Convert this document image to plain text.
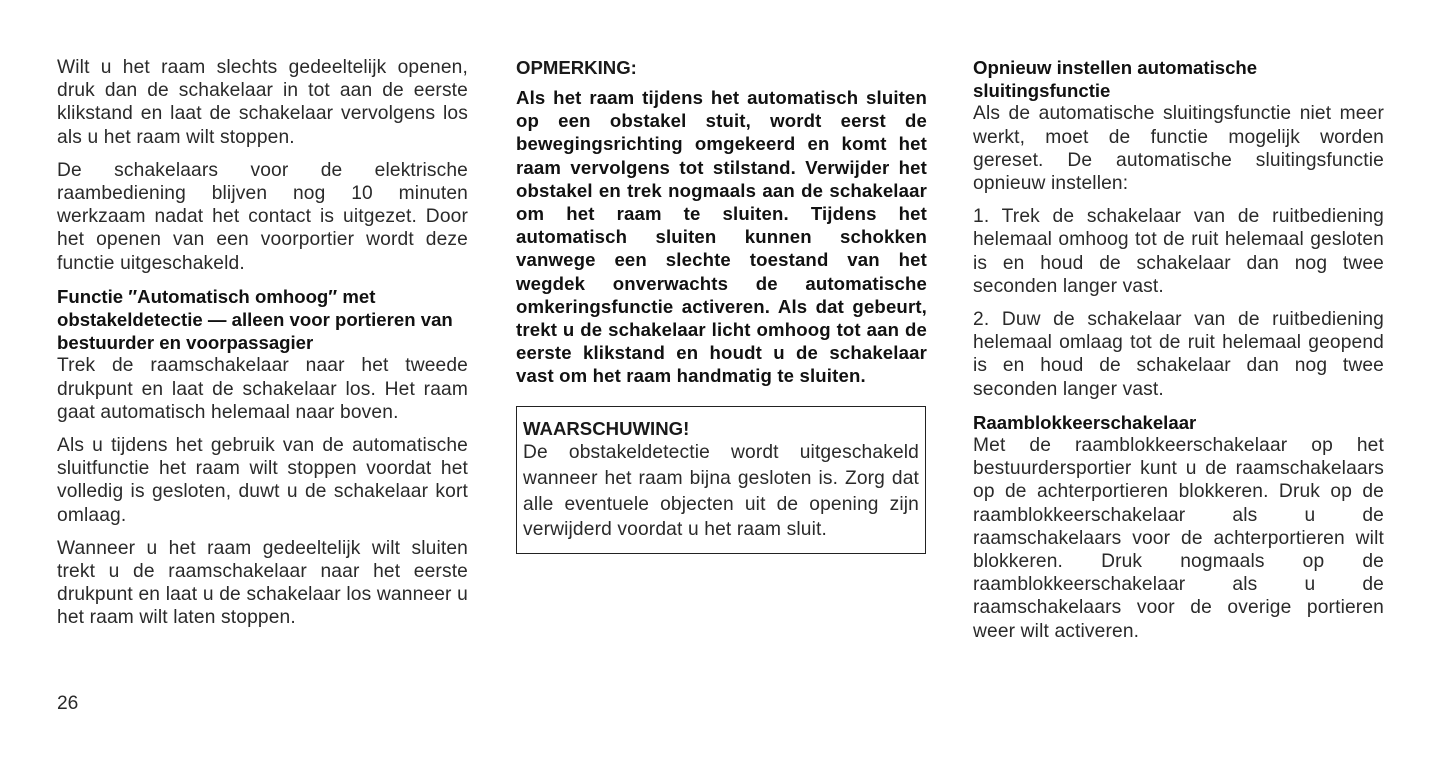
Wilt u het raam slechts gedeeltelijk openen, druk dan de schakelaar in tot aan de eerste klikstand en laat de schakelaar vervolgens los als u het raam wilt stoppen.

De schakelaars voor de elektrische raambediening blijven nog 10 minuten werkzaam nadat het contact is uitgezet. Door het openen van een voorportier wordt deze functie uitgeschakeld.

Functie ″Automatisch omhoog″ met obstakeldetectie — alleen voor portieren van bestuurder en voorpassagier

Trek de raamschakelaar naar het tweede drukpunt en laat de schakelaar los. Het raam gaat automatisch helemaal naar boven.

Als u tijdens het gebruik van de automatische sluitfunctie het raam wilt stoppen voordat het volledig is gesloten, duwt u de schakelaar kort omlaag.

Wanneer u het raam gedeeltelijk wilt sluiten trekt u de raamschakelaar naar het eerste drukpunt en laat u de schakelaar los wanneer u het raam wilt laten stoppen.

OPMERKING:

Als het raam tijdens het automatisch sluiten op een obstakel stuit, wordt eerst de bewegingsrichting omgekeerd en komt het raam vervolgens tot stilstand. Verwijder het obstakel en trek nogmaals aan de schakelaar om het raam te sluiten. Tijdens het automatisch sluiten kunnen schokken vanwege een slechte toestand van het wegdek onverwachts de automatische omkeringsfunctie activeren. Als dat gebeurt, trekt u de schakelaar licht omhoog tot aan de eerste klikstand en houdt u de schakelaar vast om het raam handmatig te sluiten.

WAARSCHUWING!

De obstakeldetectie wordt uitgeschakeld wanneer het raam bijna gesloten is. Zorg dat alle eventuele objecten uit de opening zijn verwijderd voordat u het raam sluit.

Opnieuw instellen automatische sluitingsfunctie

Als de automatische sluitingsfunctie niet meer werkt, moet de functie mogelijk worden gereset. De automatische sluitingsfunctie opnieuw instellen:

1. Trek de schakelaar van de ruitbediening helemaal omhoog tot de ruit helemaal gesloten is en houd de schakelaar dan nog twee seconden langer vast.

2. Duw de schakelaar van de ruitbediening helemaal omlaag tot de ruit helemaal geopend is en houd de schakelaar dan nog twee seconden langer vast.

Raamblokkeerschakelaar

Met de raamblokkeerschakelaar op het bestuurdersportier kunt u de raamschakelaars op de achterportieren blokkeren. Druk op de raamblokkeerschakelaar als u de raamschakelaars voor de achterportieren wilt blokkeren. Druk nogmaals op de raamblokkeerschakelaar als u de raamschakelaars voor de overige portieren weer wilt activeren.

26
